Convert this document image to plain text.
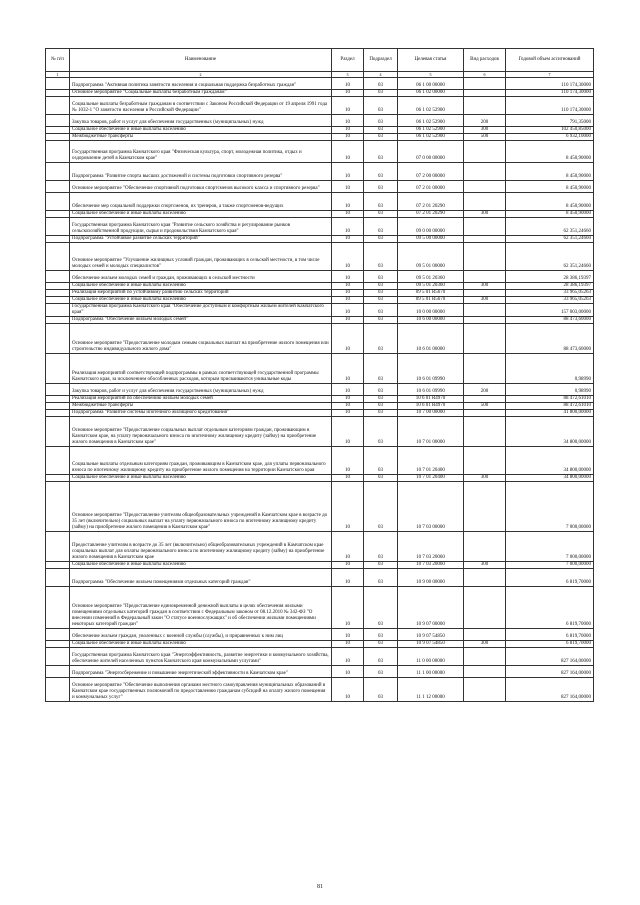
№ п/п	Наименование	Раздел	Подраздел	Целевая статья	Вид расходов	Годовой объем ассигнований
1	2	3	4	5	6	7
	Подпрограмма "Активная политика занятости населения и социальная поддержка безработных граждан"	10	03	06 1 00 00000		110 174,30000
	Основное мероприятие "Социальные выплаты безработным гражданам"	10	03	06 1 02 00000		110 174,30000
	Социальные выплаты безработным гражданам в соответствии с Законом Российской Федерации от 19 апреля 1991 года № 1032-1 "О занятости населения в Российской Федерации"	10	03	06 1 02 52900		110 174,30000
	Закупка товаров, работ и услуг для обеспечения государственных (муниципальных) нужд	10	03	06 1 02 52900	200	791,35000
	Социальное обеспечение и иные выплаты населению	10	03	06 1 02 52900	300	102 450,85000
	Межбюджетные трансферты	10	03	06 1 02 52900	500	6 932,10000
	Государственная программа Камчатского края "Физическая культура, спорт, молодежная политика, отдых и оздоровление детей в Камчатском крае"	10	03	07 0 00 00000		8 450,90000
	Подпрограмма "Развитие спорта высших достижений и системы подготовки спортивного резерва"	10	03	07 2 00 00000		8 450,90000
	Основное мероприятие "Обеспечение спортивной подготовки спортсменов высокого класса и спортивного резерва"	10	03	07 2 01 00000		8 450,90000
	Обеспечение мер социальной поддержки спортсменов, их тренеров, а также спортсменов-ведущих	10	03	07 2 01 20290		8 450,90000
	Социальное обеспечение и иные выплаты населению	10	03	07 2 01 20290	300	8 450,90000
	Государственная программа Камчатского края "Развитие сельского хозяйства и регулирование рынков сельскохозяйственной продукции, сырья и продовольствия Камчатского края"	10	03	09 0 00 00000		62 351,24660
	Подпрограмма "Устойчивое развитие сельских территорий"	10	03	09 5 00 00000		62 351,24660
	Основное мероприятие "Улучшение жилищных условий граждан, проживающих в сельской местности, в том числе молодых семей и молодых специалистов"	10	03	09 5 01 00000		62 351,24660
	Обеспечение жильем молодых семей и граждан, проживающих в сельской местности	10	03	09 5 01 20360		28 386,19397
	Социальное обеспечение и иные выплаты населению	10	03	09 5 01 20360	300	28 386,19397
	Реализация мероприятий по устойчивому развитию сельских территорий	10	03	09 5 01 R5670		33 965,05263
	Социальное обеспечение и иные выплаты населению	10	03	09 5 01 R5670	300	33 965,05263
	Государственная программа Камчатского края "Обеспечение доступным и комфортным жильем жителей Камчатского края"	10	03	10 0 00 00000		157 003,00000
	Подпрограмма "Обеспечение жильем молодых семей"	10	03	10 6 00 00000		88 473,60000
	Основное мероприятие "Предоставление молодым семьям социальных выплат на приобретение жилого помещения или строительство индивидуального жилого дома"	10	03	10 6 01 00000		88 473,60000
	Реализация мероприятий соответствующей подпрограммы в рамках соответствующей государственной программы Камчатского края, за исключением обособленных расходов, которым присваиваются уникальные коды	10	03	10 6 01 09990		0,98990
	Закупка товаров, работ и услуг для обеспечения государственных (муниципальных) нужд	10	03	10 6 01 09990	200	0,98990
	Реализация мероприятий по обеспечению жильем молодых семей	10	03	10 6 01 R4970		88 472,61010
	Межбюджетные трансферты	10	03	10 6 01 R4970	500	88 472,61010
	Подпрограмма "Развитие системы ипотечного жилищного кредитования"	10	03	10 7 00 00000		41 800,00000
	Основное мероприятие "Предоставление социальных выплат отдельным категориям граждан, проживающим в Камчатском крае, на уплату первоначального взноса по ипотечному жилищному кредиту (займу) на приобретение жилого помещения в Камчатском крае"	10	03	10 7 01 00000		34 800,00000
	Социальные выплаты отдельным категориям граждан, проживающим в Камчатском крае, для уплаты первоначального взноса по ипотечному жилищному кредиту на приобретение жилого помещения на территории Камчатского края	10	03	10 7 01 20400		34 800,00000
	Социальное обеспечение и иные выплаты населению	10	03	10 7 01 20400	300	34 800,00000
	Основное мероприятие "Предоставление учителям общеобразовательных учреждений в Камчатском крае в возрасте до 35 лет (включительно) социальных выплат на уплату первоначального взноса по ипотечному жилищному кредиту (займу) на приобретение жилого помещения в Камчатском крае"	10	03	10 7 03 00000		7 000,00000
	Предоставление учителям в возрасте до 35 лет (включительно) общеобразовательных учреждений в Камчатском крае социальных выплат для оплаты первоначального взноса по ипотечному жилищному кредиту (займу) на приобретение жилого помещения в Камчатском крае	10	03	10 7 03 20060		7 000,00000
	Социальное обеспечение и иные выплаты населению	10	03	10 7 03 20060	300	7 000,00000
	Подпрограмма "Обеспечение жильем помещениями отдельных категорий граждан"	10	03	10 9 00 00000		6 819,70000
	Основное мероприятие "Предоставление единовременной денежной выплаты в целях обеспечения жилыми помещениями отдельных категорий граждан в соответствии с Федеральным законом от 08.12.2010 № 342-ФЗ "О внесении изменений в Федеральный закон "О статусе военнослужащих" и об обеспечении жилыми помещениями некоторых категорий граждан"	10	03	10 9 07 00000		6 819,70000
	Обеспечение жильем граждан, уволенных с военной службы (службы), и приравненных к ним лиц	10	03	10 9 07 54850		6 819,70000
	Социальное обеспечение и иные выплаты населению	10	03	10 9 07 54850	300	6 819,70000
	Государственная программа Камчатского края "Энергоэффективность, развитие энергетики и коммунального хозяйства, обеспечение жителей населенных пунктов Камчатского края коммунальными услугами"	10	03	11 0 00 00000		827 164,00000
	Подпрограмма "Энергосбережение и повышение энергетической эффективности в Камчатском крае"	10	03	11 1 00 00000		827 164,00000
	Основное мероприятие "Обеспечение выполнения органами местного самоуправления муниципальных образований в Камчатском крае государственных полномочий по предоставлению гражданам субсидий на оплату жилого помещения и коммунальных услуг"	10	03	11 1 12 00000		827 164,00000
81
